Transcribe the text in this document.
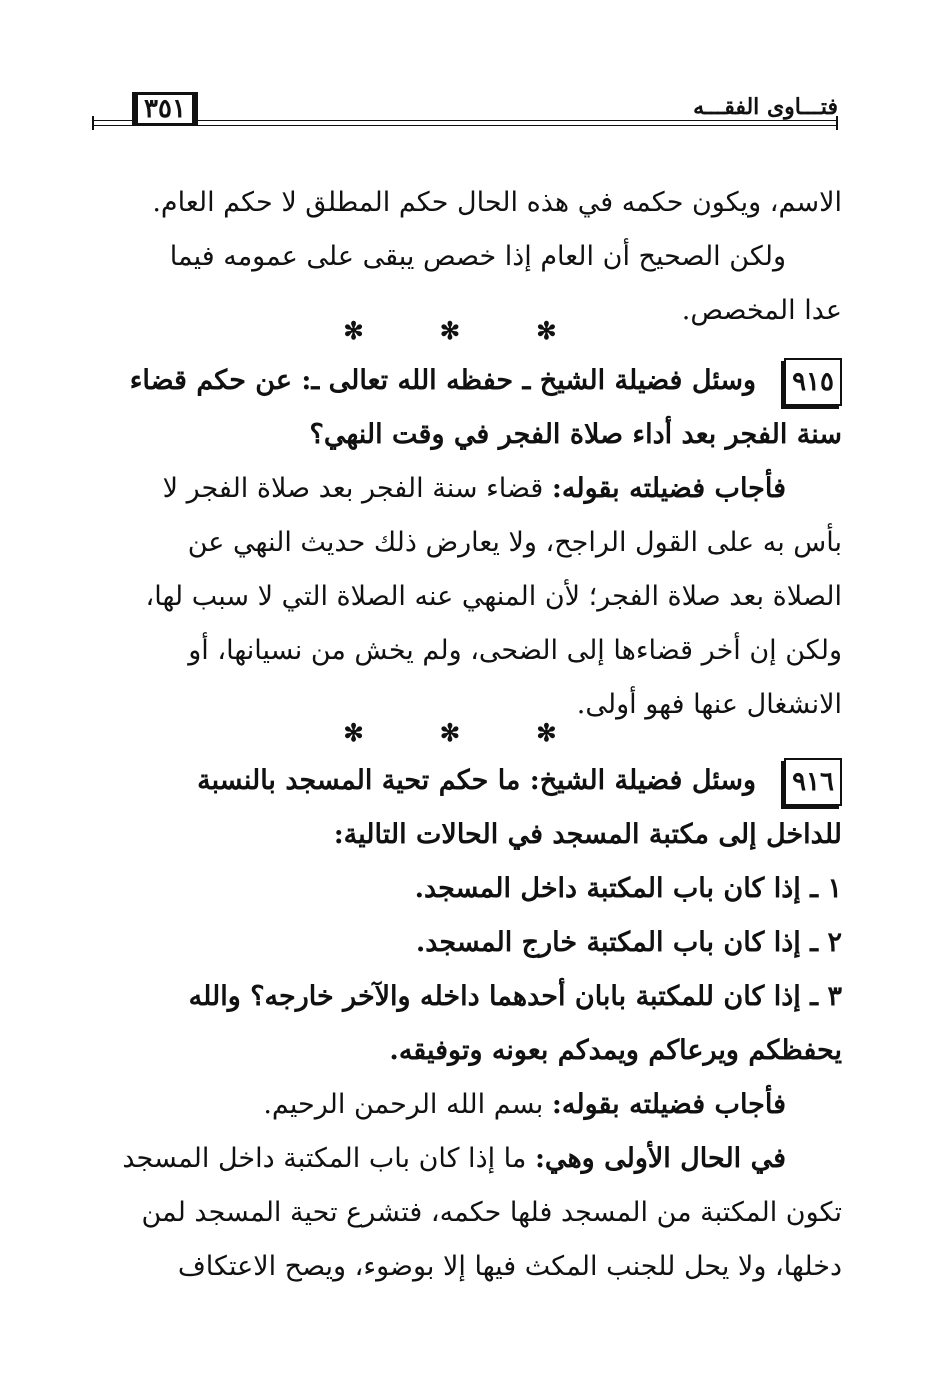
فتـــاوى الفقـــه
٣٥١
الاسم، ويكون حكمه في هذه الحال حكم المطلق لا حكم العام.
ولكن الصحيح أن العام إذا خصص يبقى على عمومه فيما
عدا المخصص.
✻ ✻ ✻
٩١٥وسئل فضيلة الشيخ ـ حفظه الله تعالى ـ: عن حكم قضاء
سنة الفجر بعد أداء صلاة الفجر في وقت النهي؟
فأجاب فضيلته بقوله: قضاء سنة الفجر بعد صلاة الفجر لا
بأس به على القول الراجح، ولا يعارض ذلك حديث النهي عن
الصلاة بعد صلاة الفجر؛ لأن المنهي عنه الصلاة التي لا سبب لها،
ولكن إن أخر قضاءها إلى الضحى، ولم يخش من نسيانها، أو
الانشغال عنها فهو أولى.
✻ ✻ ✻
٩١٦وسئل فضيلة الشيخ: ما حكم تحية المسجد بالنسبة
للداخل إلى مكتبة المسجد في الحالات التالية:
١ ـ إذا كان باب المكتبة داخل المسجد.
٢ ـ إذا كان باب المكتبة خارج المسجد.
٣ ـ إذا كان للمكتبة بابان أحدهما داخله والآخر خارجه؟ والله
يحفظكم ويرعاكم ويمدكم بعونه وتوفيقه.
فأجاب فضيلته بقوله: بسم الله الرحمن الرحيم.
في الحال الأولى وهي: ما إذا كان باب المكتبة داخل المسجد
تكون المكتبة من المسجد فلها حكمه، فتشرع تحية المسجد لمن
دخلها، ولا يحل للجنب المكث فيها إلا بوضوء، ويصح الاعتكاف
